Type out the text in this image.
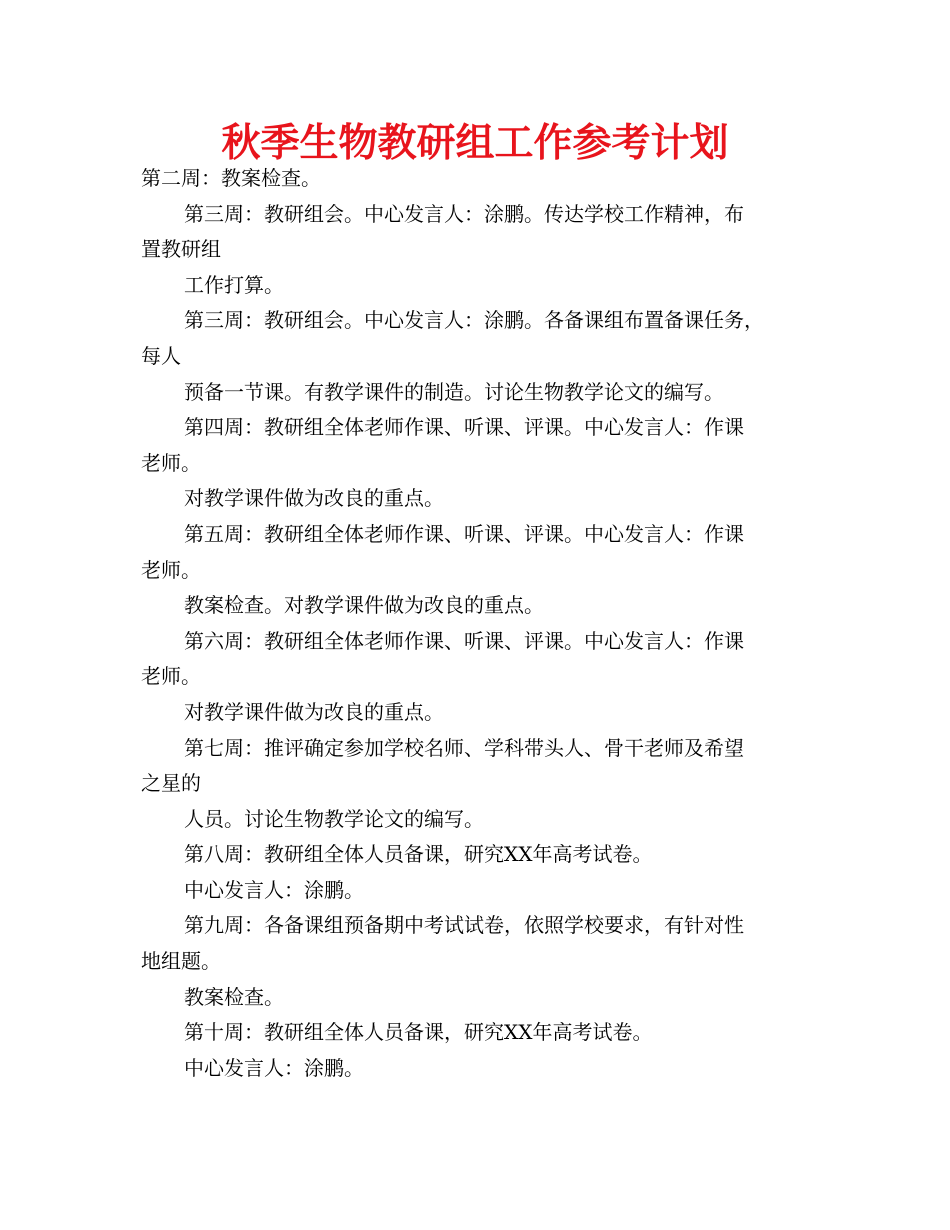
秋季生物教研组工作参考计划

第二周：教案检查。

第三周：教研组会。中心发言人：涂鹏。传达学校工作精神，布

置教研组

工作打算。

第三周：教研组会。中心发言人：涂鹏。各备课组布置备课任务，

每人

预备一节课。有教学课件的制造。讨论生物教学论文的编写。

第四周：教研组全体老师作课、听课、评课。中心发言人：作课

老师。

对教学课件做为改良的重点。

第五周：教研组全体老师作课、听课、评课。中心发言人：作课

老师。

教案检查。对教学课件做为改良的重点。

第六周：教研组全体老师作课、听课、评课。中心发言人：作课

老师。

对教学课件做为改良的重点。

第七周：推评确定参加学校名师、学科带头人、骨干老师及希望

之星的

人员。讨论生物教学论文的编写。

第八周：教研组全体人员备课，研究XX年高考试卷。

中心发言人：涂鹏。

第九周：各备课组预备期中考试试卷，依照学校要求，有针对性

地组题。

教案检查。

第十周：教研组全体人员备课，研究XX年高考试卷。

中心发言人：涂鹏。
